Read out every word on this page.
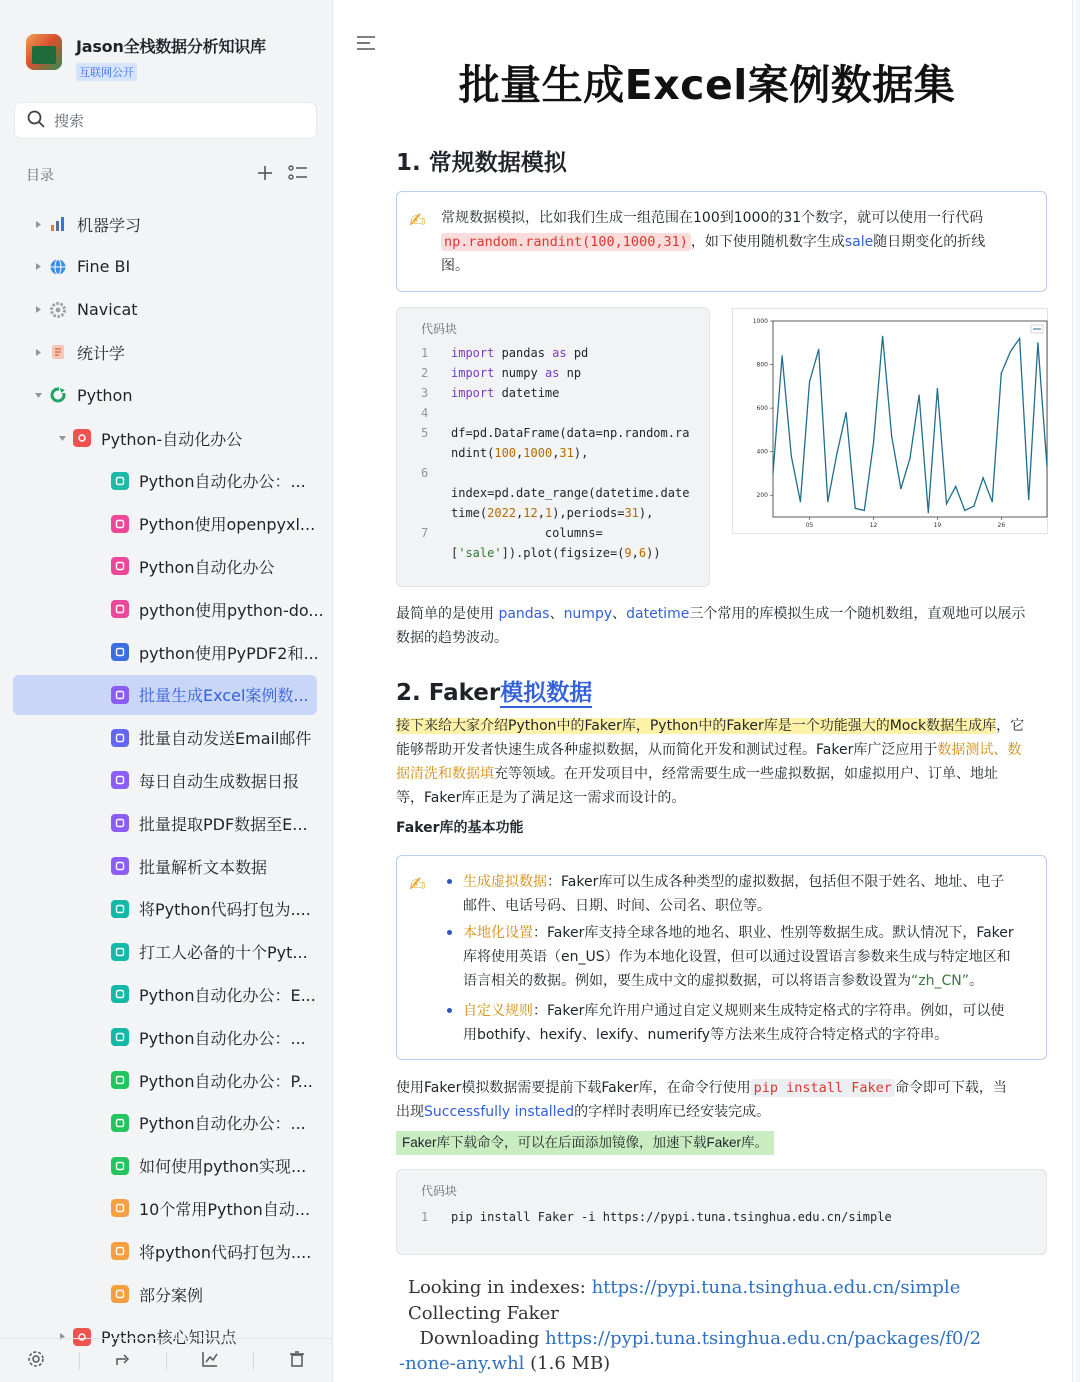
Jason全栈数据分析知识库
互联网公开
搜索
目录
机器学习
Fine BI
Navicat
统计学
Python
Python-自动化办公
Python自动化办公：...
Python使用openpyxl...
Python自动化办公
python使用python-do...
python使用PyPDF2和...
批量生成Excel案例数...
批量自动发送Email邮件
每日自动生成数据日报
批量提取PDF数据至E...
批量解析文本数据
将Python代码打包为....
打工人必备的十个Pyt...
Python自动化办公：E...
Python自动化办公：...
Python自动化办公：P...
Python自动化办公：...
如何使用python实现...
10个常用Python自动...
将python代码打包为....
部分案例
Python核心知识点
批量生成Excel案例数据集
1. 常规数据模拟
✍ 常规数据模拟，比如我们生成一组范围在100到1000的31个数字，就可以使用一行代码
np.random.randint(100,1000,31) ，如下使用随机数字生成sale随日期变化的折线
图。

代码块
1 import pandas as pd
2 import numpy as np
3 import datetime
4
5 df=pd.DataFrame(data=np.random.ra
ndint(100,1000,31),
6
index=pd.date_range(datetime.date
time(2022,12,1),periods=31),
7 columns=
['sale']).plot(figsize=(9,6))
200
400
600
800
1000
05	12	19	26

最简单的是使用 pandas、numpy、datetime三个常用的库模拟生成一个随机数组，直观地可以展示
数据的趋势波动。

2. Faker模拟数据

接下来给大家介绍Python中的Faker库，Python中的Faker库是一个功能强大的Mock数据生成库，它
能够帮助开发者快速生成各种虚拟数据，从而简化开发和测试过程。Faker库广泛应用于数据测试、数
据清洗和数据填充等领域。在开发项目中，经常需要生成一些虚拟数据，如虚拟用户、订单、地址
等，Faker库正是为了满足这一需求而设计的。

Faker库的基本功能
✍	生成虚拟数据：Faker库可以生成各种类型的虚拟数据，包括但不限于姓名、地址、电子
邮件、电话号码、日期、时间、公司名、职位等。
本地化设置：Faker库支持全球各地的地名、职业、性别等数据生成。默认情况下，Faker
库将使用英语（en_US）作为本地化设置，但可以通过设置语言参数来生成与特定地区和
语言相关的数据。例如，要生成中文的虚拟数据，可以将语言参数设置为“zh_CN”。
自定义规则：Faker库允许用户通过自定义规则来生成特定格式的字符串。例如，可以使
用bothify、hexify、lexify、numerify等方法来生成符合特定格式的字符串。

使用Faker模拟数据需要提前下载Faker库，在命令行使用 pip install Faker 命令即可下载，当
出现Successfully installed的字样时表明库已经安装完成。

Faker库下载命令，可以在后面添加镜像，加速下载Faker库。
代码块
1 pip install Faker -i https://pypi.tuna.tsinghua.edu.cn/simple
Looking in indexes: https://pypi.tuna.tsinghua.edu.cn/simple
Collecting Faker
Downloading https://pypi.tuna.tsinghua.edu.cn/packages/f0/2
-none-any.whl (1.6 MB)
